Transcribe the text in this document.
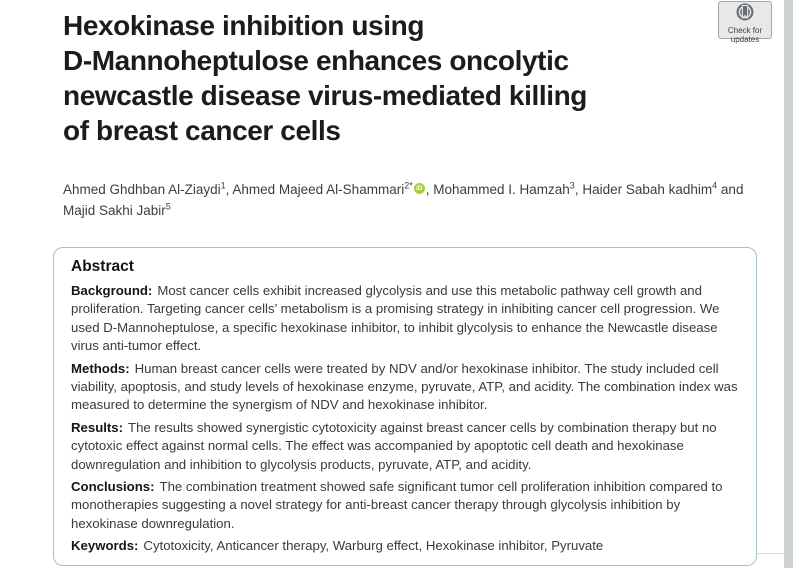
Check for
updates
Hexokinase inhibition using
D-Mannoheptulose enhances oncolytic
newcastle disease virus-mediated killing
of breast cancer cells

Ahmed Ghdhban Al-Ziaydi$^1$, Ahmed Majeed Al-Shammari$^{2*}$ iD , Mohammed I. Hamzah$^3$, Haider Sabah kadhim$^4$ and Majid Sakhi Jabir$^5$

Abstract

Background: Most cancer cells exhibit increased glycolysis and use this metabolic pathway cell growth and proliferation. Targeting cancer cells’ metabolism is a promising strategy in inhibiting cancer cell progression. We used D-Mannoheptulose, a specific hexokinase inhibitor, to inhibit glycolysis to enhance the Newcastle disease virus anti-tumor effect.

Methods: Human breast cancer cells were treated by NDV and/or hexokinase inhibitor. The study included cell viability, apoptosis, and study levels of hexokinase enzyme, pyruvate, ATP, and acidity. The combination index was measured to determine the synergism of NDV and hexokinase inhibitor.

Results: The results showed synergistic cytotoxicity against breast cancer cells by combination therapy but no cytotoxic effect against normal cells. The effect was accompanied by apoptotic cell death and hexokinase downregulation and inhibition to glycolysis products, pyruvate, ATP, and acidity.

Conclusions: The combination treatment showed safe significant tumor cell proliferation inhibition compared to monotherapies suggesting a novel strategy for anti-breast cancer therapy through glycolysis inhibition by hexokinase downregulation.

Keywords: Cytotoxicity, Anticancer therapy, Warburg effect, Hexokinase inhibitor, Pyruvate
